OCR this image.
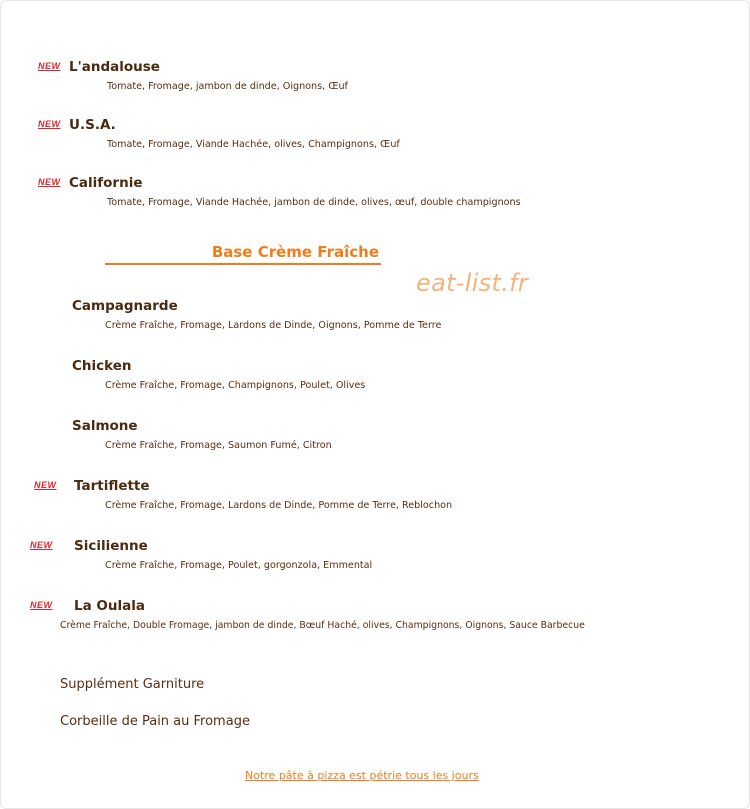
NEW L'andalouse
Tomate, Fromage, jambon de dinde, Oignons, Œuf
NEW U.S.A.
Tomate, Fromage, Viande Hachée, olives, Champignons, Œuf
NEW Californie
Tomate, Fromage, Viande Hachée, jambon de dinde, olives, œuf, double champignons
Base Crème Fraîche
eat-list.fr
Campagnarde
Crème Fraîche, Fromage, Lardons de Dinde, Oignons, Pomme de Terre
Chicken
Crème Fraîche, Fromage, Champignons, Poulet, Olives
Salmone
Crème Fraîche, Fromage, Saumon Fumé, Citron
NEW Tartiflette
Crème Fraîche, Fromage, Lardons de Dinde, Pomme de Terre, Reblochon
NEW Sicilienne
Crème Fraîche, Fromage, Poulet, gorgonzola, Emmental
NEW La Oulala
Crème Fraîche, Double Fromage, jambon de dinde, Bœuf Haché, olives, Champignons, Oignons, Sauce Barbecue
Supplément Garniture
Corbeille de Pain au Fromage
Notre pâte à pizza est pétrie tous les jours
